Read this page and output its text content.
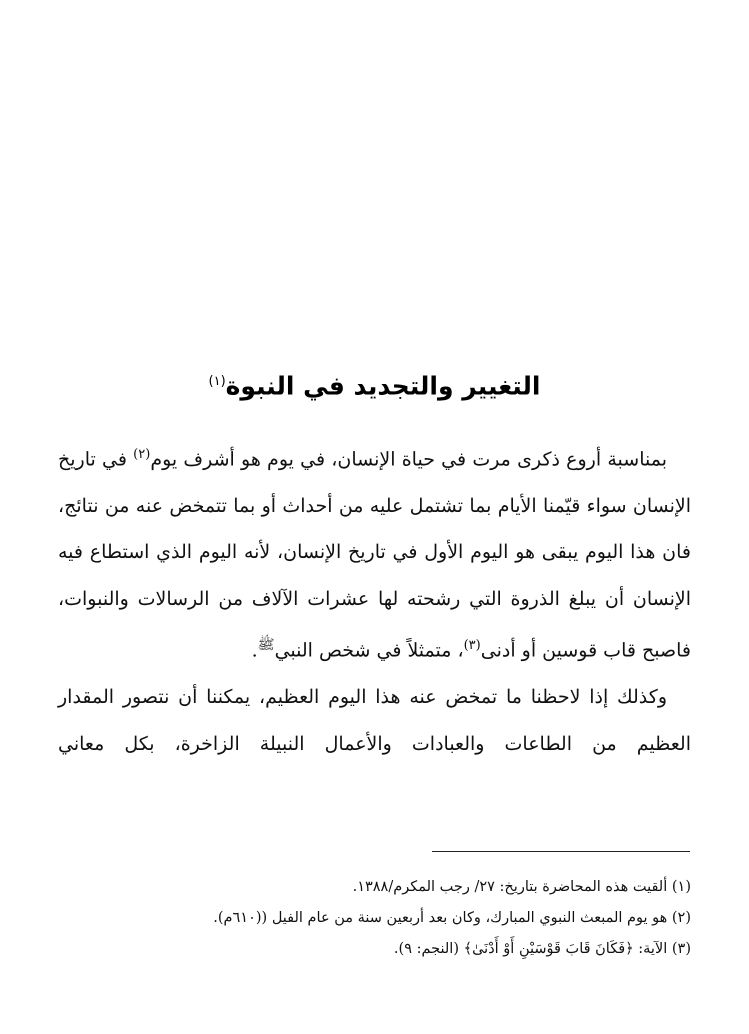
التغيير والتجديد في النبوة$^{(١)}$

بمناسبة أروع ذكرى مرت في حياة الإنسان، في يوم هو أشرف يوم$^{(٢)}$ في تاريخ الإنسان سواء قيّمنا الأيام بما تشتمل عليه من أحداث أو بما تتمخض عنه من نتائج، فان هذا اليوم يبقى هو اليوم الأول في تاريخ الإنسان، لأنه اليوم الذي استطاع فيه الإنسان أن يبلغ الذروة التي رشحته لها عشرات الآلاف من الرسالات والنبوات، فاصبح قاب قوسين أو أدنى$^{(٣)}$، متمثلاً في شخص النبي$^ﷺ$.

وكذلك إذا لاحظنا ما تمخض عنه هذا اليوم العظيم، يمكننا أن نتصور المقدار العظيم من الطاعات والعبادات والأعمال النبيلة الزاخرة، بكل معاني

(١) ألقيت هذه المحاضرة بتاريخ: ٢٧/ رجب المكرم/١٣٨٨.
(٢) هو يوم المبعث النبوي المبارك، وكان بعد أربعين سنة من عام الفيل ((٦١٠م).
(٣) الآية: ﴿فَكَانَ قَابَ قَوْسَيْنِ أَوْ أَدْنَىٰ﴾ (النجم: ٩).
